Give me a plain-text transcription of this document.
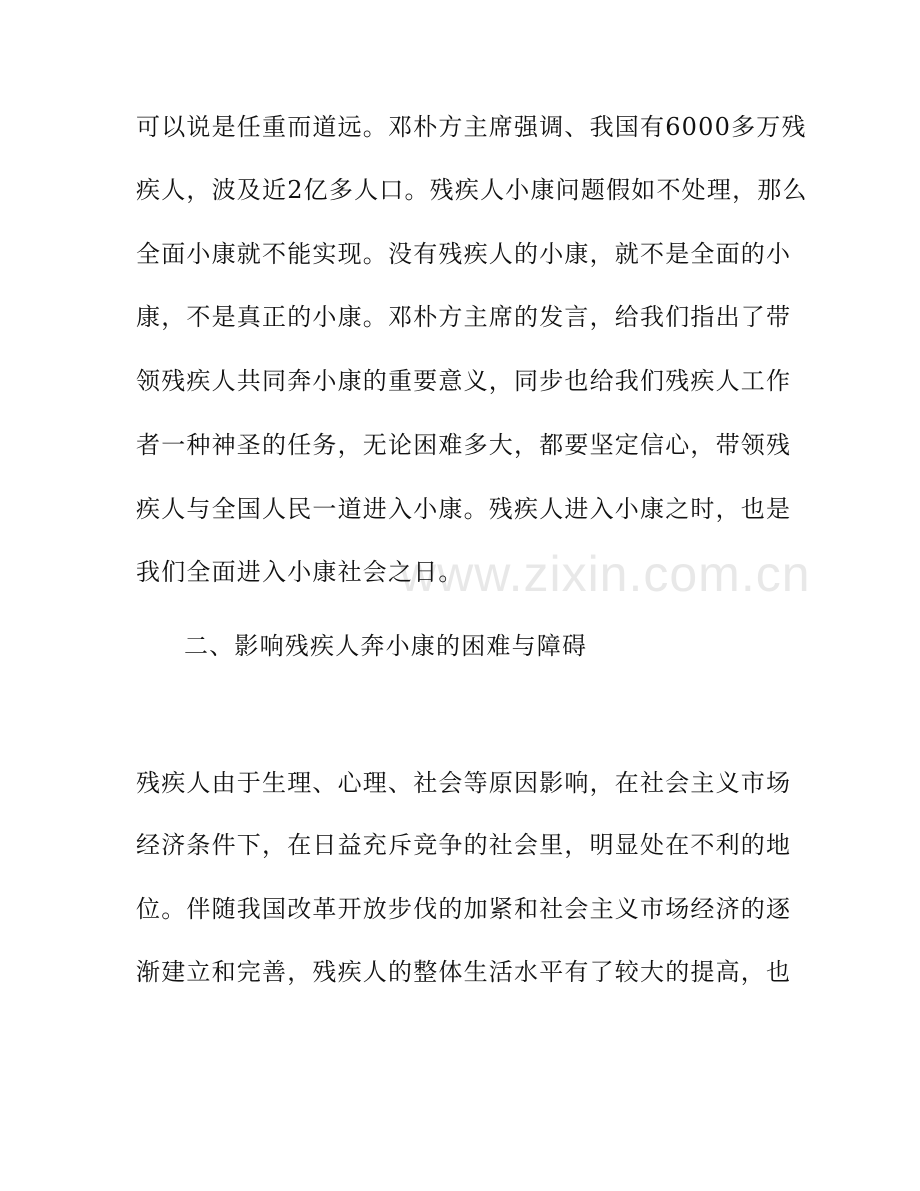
www.zixin.com.cn
可以说是任重而道远。邓朴方主席强调、我国有6000多万残
疾人，波及近2亿多人口。残疾人小康问题假如不处理，那么
全面小康就不能实现。没有残疾人的小康，就不是全面的小
康，不是真正的小康。邓朴方主席的发言，给我们指出了带
领残疾人共同奔小康的重要意义，同步也给我们残疾人工作
者一种神圣的任务，无论困难多大，都要坚定信心，带领残
疾人与全国人民一道进入小康。残疾人进入小康之时，也是
我们全面进入小康社会之日。
二、影响残疾人奔小康的困难与障碍
残疾人由于生理、心理、社会等原因影响，在社会主义市场
经济条件下，在日益充斥竞争的社会里，明显处在不利的地
位。伴随我国改革开放步伐的加紧和社会主义市场经济的逐
渐建立和完善，残疾人的整体生活水平有了较大的提高，也
